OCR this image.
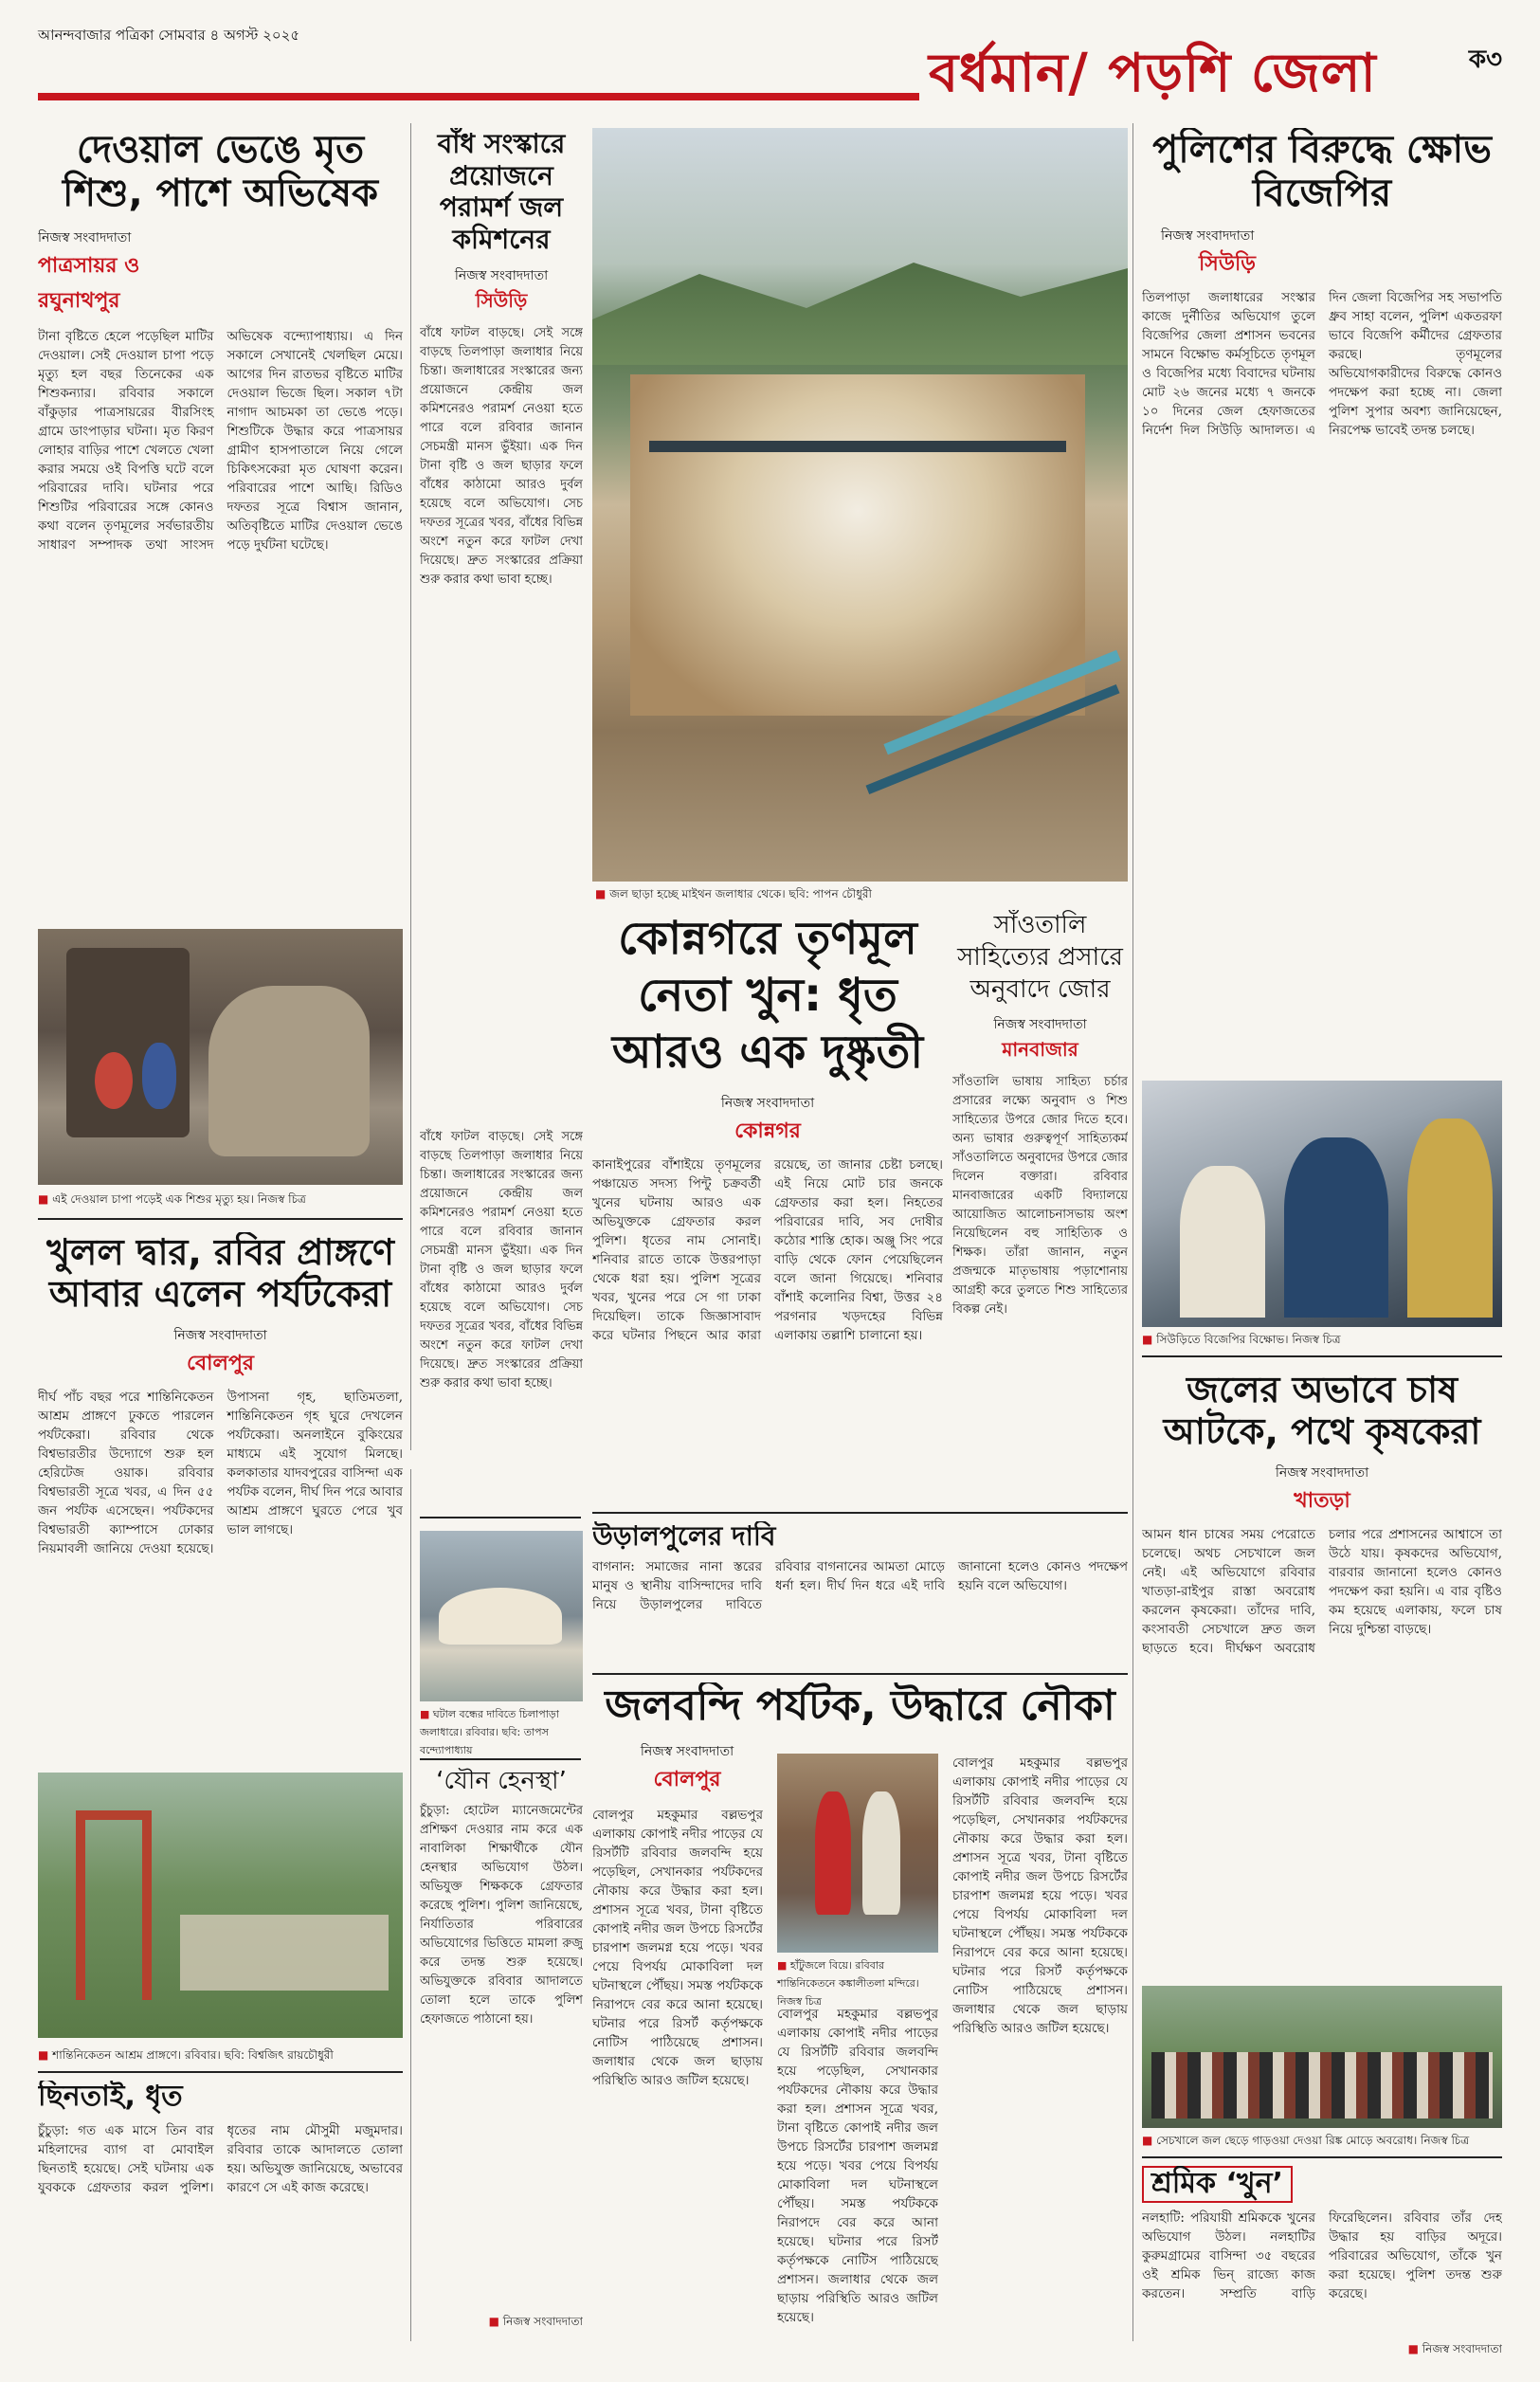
আনন্দবাজার পত্রিকা সোমবার ৪ অগস্ট ২০২৫
বর্ধমান/ পড়শি জেলা	ক৩
দেওয়াল ভেঙে মৃত শিশু, পাশে অভিষেক
নিজস্ব সংবাদদাতা
পাত্রসায়র ও রঘুনাথপুর
টানা বৃষ্টিতে হেলে পড়েছিল মাটির দেওয়াল। সেই দেওয়াল চাপা পড়ে মৃত্যু হল বছর তিনেকের এক শিশুকন্যার। রবিবার সকালে বাঁকুড়ার পাত্রসায়রের বীরসিংহ গ্রামে ডাংপাড়ার ঘটনা। মৃত কিরণ লোহার বাড়ির পাশে খেলতে খেলা করার সময়ে ওই বিপত্তি ঘটে বলে পরিবারের দাবি। ঘটনার পরে শিশুটির পরিবারের সঙ্গে কোনও কথা বলেন তৃণমূলের সর্বভারতীয় সাধারণ সম্পাদক তথা সাংসদ অভিষেক বন্দ্যোপাধ্যায়। এ দিন সকালে সেখানেই খেলছিল মেয়ে। আগের দিন রাতভর বৃষ্টিতে মাটির দেওয়াল ভিজে ছিল। সকাল ৭টা নাগাদ আচমকা তা ভেঙে পড়ে। শিশুটিকে উদ্ধার করে পাত্রসায়র গ্রামীণ হাসপাতালে নিয়ে গেলে চিকিৎসকেরা মৃত ঘোষণা করেন। পরিবারের পাশে আছি। রিডিও দফতর সূত্রে বিশ্বাস জানান, অতিবৃষ্টিতে মাটির দেওয়াল ভেঙে পড়ে দুর্ঘটনা ঘটেছে।
■ এই দেওয়াল চাপা পড়েই এক শিশুর মৃত্যু হয়। নিজস্ব চিত্র
খুলল দ্বার, রবির প্রাঙ্গণে আবার এলেন পর্যটকেরা
নিজস্ব সংবাদদাতা
বোলপুর
দীর্ঘ পাঁচ বছর পরে শান্তিনিকেতন আশ্রম প্রাঙ্গণে ঢুকতে পারলেন পর্যটকেরা। রবিবার থেকে বিশ্বভারতীর উদ্যোগে শুরু হল হেরিটেজ ওয়াক। রবিবার বিশ্বভারতী সূত্রে খবর, এ দিন ৫৫ জন পর্যটক এসেছেন। পর্যটকদের বিশ্বভারতী ক্যাম্পাসে ঢোকার নিয়মাবলী জানিয়ে দেওয়া হয়েছে। উপাসনা গৃহ, ছাতিমতলা, শান্তিনিকেতন গৃহ ঘুরে দেখলেন পর্যটকেরা। অনলাইনে বুকিংয়ের মাধ্যমে এই সুযোগ মিলছে। কলকাতার যাদবপুরের বাসিন্দা এক পর্যটক বলেন, দীর্ঘ দিন পরে আবার আশ্রম প্রাঙ্গণে ঘুরতে পেরে খুব ভাল লাগছে।
■ শান্তিনিকেতন আশ্রম প্রাঙ্গণে। রবিবার। ছবি: বিশ্বজিৎ রায়চৌধুরী
ছিনতাই, ধৃত
চুঁচুড়া: গত এক মাসে তিন বার মহিলাদের ব্যাগ বা মোবাইল ছিনতাই হয়েছে। সেই ঘটনায় এক যুবককে গ্রেফতার করল পুলিশ। ধৃতের নাম মৌসুমী মজুমদার। রবিবার তাকে আদালতে তোলা হয়। অভিযুক্ত জানিয়েছে, অভাবের কারণে সে এই কাজ করেছে।
বাঁধ সংস্কারে প্রয়োজনে পরামর্শ জল কমিশনের
নিজস্ব সংবাদদাতা
সিউড়ি
বাঁধে ফাটল বাড়ছে। সেই সঙ্গে বাড়ছে তিলপাড়া জলাধার নিয়ে চিন্তা। জলাধারের সংস্কারের জন্য প্রয়োজনে কেন্দ্রীয় জল কমিশনেরও পরামর্শ নেওয়া হতে পারে বলে রবিবার জানান সেচমন্ত্রী মানস ভুঁইয়া। এক দিন টানা বৃষ্টি ও জল ছাড়ার ফলে বাঁধের কাঠামো আরও দুর্বল হয়েছে বলে অভিযোগ। সেচ দফতর সূত্রের খবর, বাঁধের বিভিন্ন অংশে নতুন করে ফাটল দেখা দিয়েছে। দ্রুত সংস্কারের প্রক্রিয়া শুরু করার কথা ভাবা হচ্ছে।
■ জল ছাড়া হচ্ছে মাইথন জলাধার থেকে। ছবি: পাপন চৌধুরী
পুলিশের বিরুদ্ধে ক্ষোভ বিজেপির
নিজস্ব সংবাদদাতা
সিউড়ি
তিলপাড়া জলাধারের সংস্কার কাজে দুর্নীতির অভিযোগ তুলে বিজেপির জেলা প্রশাসন ভবনের সামনে বিক্ষোভ কর্মসূচিতে তৃণমূল ও বিজেপির মধ্যে বিবাদের ঘটনায় মোট ২৬ জনের মধ্যে ৭ জনকে ১০ দিনের জেল হেফাজতের নির্দেশ দিল সিউড়ি আদালত। এ দিন জেলা বিজেপির সহ সভাপতি ধ্রুব সাহা বলেন, পুলিশ একতরফা ভাবে বিজেপি কর্মীদের গ্রেফতার করছে। তৃণমূলের অভিযোগকারীদের বিরুদ্ধে কোনও পদক্ষেপ করা হচ্ছে না। জেলা পুলিশ সুপার অবশ্য জানিয়েছেন, নিরপেক্ষ ভাবেই তদন্ত চলছে।
■ সিউড়িতে বিজেপির বিক্ষোভ। নিজস্ব চিত্র
জলের অভাবে চাষ আটকে, পথে কৃষকেরা
নিজস্ব সংবাদদাতা
খাতড়া
আমন ধান চাষের সময় পেরোতে চলেছে। অথচ সেচখালে জল নেই। এই অভিযোগে রবিবার খাতড়া-রাইপুর রাস্তা অবরোধ করলেন কৃষকেরা। তাঁদের দাবি, কংসাবতী সেচখালে দ্রুত জল ছাড়তে হবে। দীর্ঘক্ষণ অবরোধ চলার পরে প্রশাসনের আশ্বাসে তা উঠে যায়। কৃষকদের অভিযোগ, বারবার জানানো হলেও কোনও পদক্ষেপ করা হয়নি। এ বার বৃষ্টিও কম হয়েছে এলাকায়, ফলে চাষ নিয়ে দুশ্চিন্তা বাড়ছে।
■ সেচখালে জল ছেড়ে গাড়ওয়া দেওয়া রিঙ্ক মোড়ে অবরোধ। নিজস্ব চিত্র
শ্রমিক ‘খুন’
নলহাটি: পরিযায়ী শ্রমিককে খুনের অভিযোগ উঠল। নলহাটির কুরুমগ্রামের বাসিন্দা ৩৫ বছরের ওই শ্রমিক ভিন্‌ রাজ্যে কাজ করতেন। সম্প্রতি বাড়ি ফিরেছিলেন। রবিবার তাঁর দেহ উদ্ধার হয় বাড়ির অদূরে। পরিবারের অভিযোগ, তাঁকে খুন করা হয়েছে। পুলিশ তদন্ত শুরু করেছে।
■ নিজস্ব সংবাদদাতা
কোন্নগরে তৃণমূল নেতা খুন: ধৃত আরও এক দুষ্কৃতী
নিজস্ব সংবাদদাতা
কোন্নগর
কানাইপুরের বাঁশাইয়ে তৃণমূলের পঞ্চায়েত সদস্য পিন্টু চক্রবর্তী খুনের ঘটনায় আরও এক অভিযুক্তকে গ্রেফতার করল পুলিশ। ধৃতের নাম সোনাই। শনিবার রাতে তাকে উত্তরপাড়া থেকে ধরা হয়। পুলিশ সূত্রের খবর, খুনের পরে সে গা ঢাকা দিয়েছিল। তাকে জিজ্ঞাসাবাদ করে ঘটনার পিছনে আর কারা রয়েছে, তা জানার চেষ্টা চলছে। এই নিয়ে মোট চার জনকে গ্রেফতার করা হল। নিহতের পরিবারের দাবি, সব দোষীর কঠোর শাস্তি হোক। অঞ্জু সিং পরে বাড়ি থেকে ফোন পেয়েছিলেন বলে জানা গিয়েছে। শনিবার বাঁশাই কলোনির বিশ্বা, উত্তর ২৪ পরগনার খড়দহের বিভিন্ন এলাকায় তল্লাশি চালানো হয়।
সাঁওতালি সাহিত্যের প্রসারে অনুবাদে জোর
নিজস্ব সংবাদদাতা
মানবাজার
সাঁওতালি ভাষায় সাহিত্য চর্চার প্রসারের লক্ষ্যে অনুবাদ ও শিশু সাহিত্যের উপরে জোর দিতে হবে। অন্য ভাষার গুরুত্বপূর্ণ সাহিত্যকর্ম সাঁওতালিতে অনুবাদের উপরে জোর দিলেন বক্তারা। রবিবার মানবাজারের একটি বিদ্যালয়ে আয়োজিত আলোচনাসভায় অংশ নিয়েছিলেন বহু সাহিত্যিক ও শিক্ষক। তাঁরা জানান, নতুন প্রজন্মকে মাতৃভাষায় পড়াশোনায় আগ্রহী করে তুলতে শিশু সাহিত্যের বিকল্প নেই।
বাঁধে ফাটল বাড়ছে। সেই সঙ্গে বাড়ছে তিলপাড়া জলাধার নিয়ে চিন্তা। জলাধারের সংস্কারের জন্য প্রয়োজনে কেন্দ্রীয় জল কমিশনেরও পরামর্শ নেওয়া হতে পারে বলে রবিবার জানান সেচমন্ত্রী মানস ভুঁইয়া। এক দিন টানা বৃষ্টি ও জল ছাড়ার ফলে বাঁধের কাঠামো আরও দুর্বল হয়েছে বলে অভিযোগ। সেচ দফতর সূত্রের খবর, বাঁধের বিভিন্ন অংশে নতুন করে ফাটল দেখা দিয়েছে। দ্রুত সংস্কারের প্রক্রিয়া শুরু করার কথা ভাবা হচ্ছে।
উড়ালপুলের দাবি
বাগনান: সমাজের নানা স্তরের মানুষ ও স্থানীয় বাসিন্দাদের দাবি নিয়ে উড়ালপুলের দাবিতে রবিবার বাগনানের আমতা মোড়ে ধর্না হল। দীর্ঘ দিন ধরে এই দাবি জানানো হলেও কোনও পদক্ষেপ হয়নি বলে অভিযোগ।
■ ঘটাল বন্ধের দাবিতে চিলাপাড়া জলাধারে। রবিবার। ছবি: তাপস বন্দ্যোপাধ্যায়
‘যৌন হেনস্থা’
চুঁচুড়া: হোটেল ম্যানেজমেন্টের প্রশিক্ষণ দেওয়ার নাম করে এক নাবালিকা শিক্ষার্থীকে যৌন হেনস্থার অভিযোগ উঠল। অভিযুক্ত শিক্ষককে গ্রেফতার করেছে পুলিশ। পুলিশ জানিয়েছে, নির্যাতিতার পরিবারের অভিযোগের ভিত্তিতে মামলা রুজু করে তদন্ত শুরু হয়েছে। অভিযুক্তকে রবিবার আদালতে তোলা হলে তাকে পুলিশ হেফাজতে পাঠানো হয়।
■ নিজস্ব সংবাদদাতা
জলবন্দি পর্যটক, উদ্ধারে নৌকা
নিজস্ব সংবাদদাতা
বোলপুর
বোলপুর মহকুমার বল্লভপুর এলাকায় কোপাই নদীর পাড়ের যে রিসর্টটি রবিবার জলবন্দি হয়ে পড়েছিল, সেখানকার পর্যটকদের নৌকায় করে উদ্ধার করা হল। প্রশাসন সূত্রে খবর, টানা বৃষ্টিতে কোপাই নদীর জল উপচে রিসর্টের চারপাশ জলমগ্ন হয়ে পড়ে। খবর পেয়ে বিপর্যয় মোকাবিলা দল ঘটনাস্থলে পৌঁছয়। সমস্ত পর্যটককে নিরাপদে বের করে আনা হয়েছে। ঘটনার পরে রিসর্ট কর্তৃপক্ষকে নোটিস পাঠিয়েছে প্রশাসন। জলাধার থেকে জল ছাড়ায় পরিস্থিতি আরও জটিল হয়েছে।
■ হাঁটুজলে বিয়ে। রবিবার শান্তিনিকেতনে কঙ্কালীতলা মন্দিরে। নিজস্ব চিত্র
বোলপুর মহকুমার বল্লভপুর এলাকায় কোপাই নদীর পাড়ের যে রিসর্টটি রবিবার জলবন্দি হয়ে পড়েছিল, সেখানকার পর্যটকদের নৌকায় করে উদ্ধার করা হল। প্রশাসন সূত্রে খবর, টানা বৃষ্টিতে কোপাই নদীর জল উপচে রিসর্টের চারপাশ জলমগ্ন হয়ে পড়ে। খবর পেয়ে বিপর্যয় মোকাবিলা দল ঘটনাস্থলে পৌঁছয়। সমস্ত পর্যটককে নিরাপদে বের করে আনা হয়েছে। ঘটনার পরে রিসর্ট কর্তৃপক্ষকে নোটিস পাঠিয়েছে প্রশাসন। জলাধার থেকে জল ছাড়ায় পরিস্থিতি আরও জটিল হয়েছে।
বোলপুর মহকুমার বল্লভপুর এলাকায় কোপাই নদীর পাড়ের যে রিসর্টটি রবিবার জলবন্দি হয়ে পড়েছিল, সেখানকার পর্যটকদের নৌকায় করে উদ্ধার করা হল। প্রশাসন সূত্রে খবর, টানা বৃষ্টিতে কোপাই নদীর জল উপচে রিসর্টের চারপাশ জলমগ্ন হয়ে পড়ে। খবর পেয়ে বিপর্যয় মোকাবিলা দল ঘটনাস্থলে পৌঁছয়। সমস্ত পর্যটককে নিরাপদে বের করে আনা হয়েছে। ঘটনার পরে রিসর্ট কর্তৃপক্ষকে নোটিস পাঠিয়েছে প্রশাসন। জলাধার থেকে জল ছাড়ায় পরিস্থিতি আরও জটিল হয়েছে।
